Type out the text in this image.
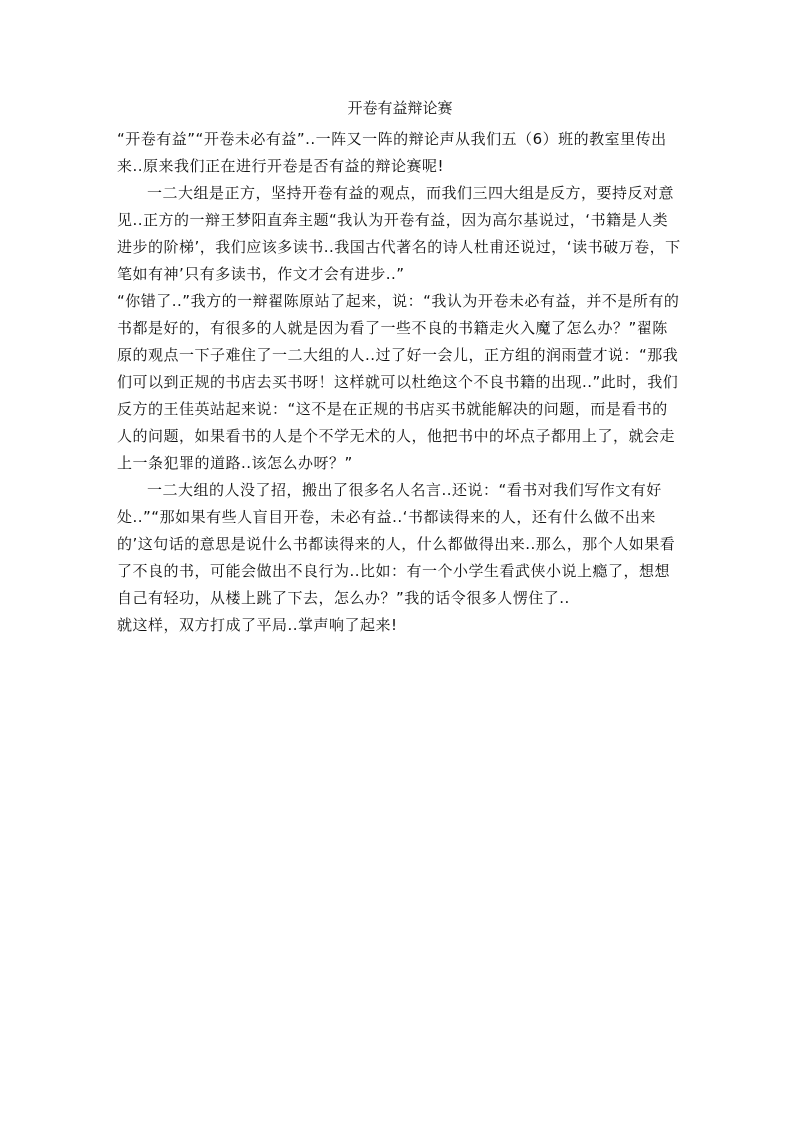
开卷有益辩论赛

“开卷有益”“开卷未必有益”..一阵又一阵的辩论声从我们五（6）班的教室里传出来..原来我们正在进行开卷是否有益的辩论赛呢!

一二大组是正方，坚持开卷有益的观点，而我们三四大组是反方，要持反对意见..正方的一辩王梦阳直奔主题“我认为开卷有益，因为高尔基说过，‘书籍是人类进步的阶梯’，我们应该多读书..我国古代著名的诗人杜甫还说过，‘读书破万卷，下笔如有神’只有多读书，作文才会有进步..”

“你错了..”我方的一辩翟陈原站了起来，说：“我认为开卷未必有益，并不是所有的书都是好的，有很多的人就是因为看了一些不良的书籍走火入魔了怎么办？”翟陈原的观点一下子难住了一二大组的人..过了好一会儿，正方组的润雨萱才说：“那我们可以到正规的书店去买书呀！这样就可以杜绝这个不良书籍的出现..”此时，我们反方的王佳英站起来说：“这不是在正规的书店买书就能解决的问题，而是看书的人的问题，如果看书的人是个不学无术的人，他把书中的坏点子都用上了，就会走上一条犯罪的道路..该怎么办呀？”

一二大组的人没了招，搬出了很多名人名言..还说：“看书对我们写作文有好处..”“那如果有些人盲目开卷，未必有益..‘书都读得来的人，还有什么做不出来的’这句话的意思是说什么书都读得来的人，什么都做得出来..那么，那个人如果看了不良的书，可能会做出不良行为..比如：有一个小学生看武侠小说上瘾了，想想自己有轻功，从楼上跳了下去，怎么办？”我的话令很多人愣住了..

就这样，双方打成了平局..掌声响了起来!
